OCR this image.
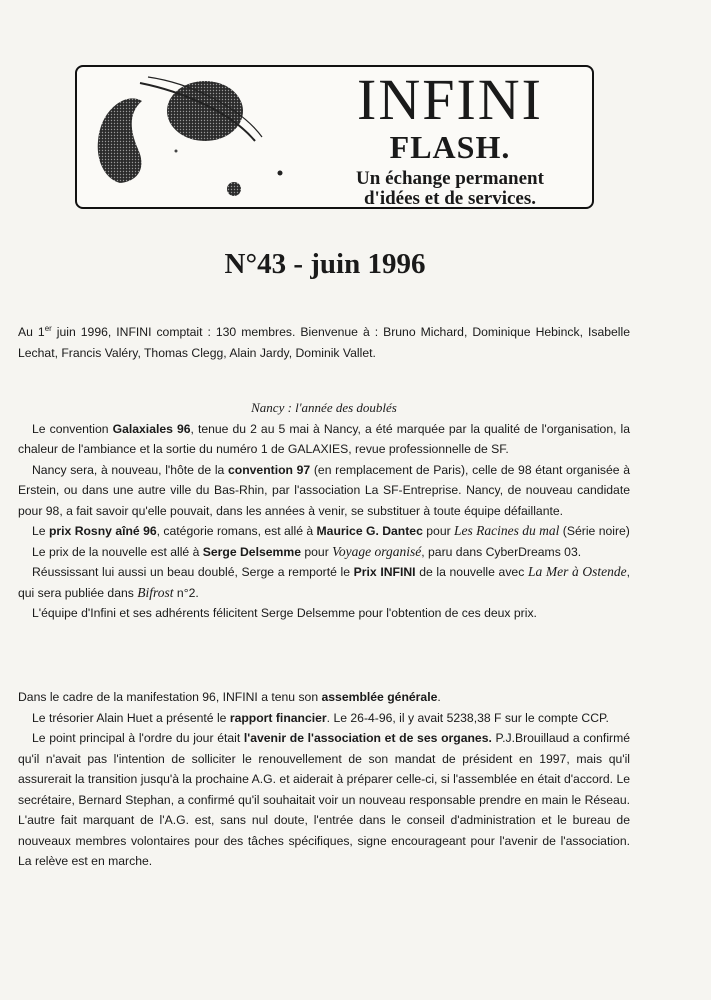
INFINI
FLASH.
Un échange permanent
d'idées et de services.
N°43 - juin 1996

Au 1er juin 1996, INFINI comptait : 130 membres. Bienvenue à : Bruno Michard, Dominique Hebinck, Isabelle Lechat, Francis Valéry, Thomas Clegg, Alain Jardy, Dominik Vallet.

Nancy : l'année des doublés

Le convention Galaxiales 96, tenue du 2 au 5 mai à Nancy, a été marquée par la qualité de l'organisation, la chaleur de l'ambiance et la sortie du numéro 1 de GALAXIES, revue professionnelle de SF.

Nancy sera, à nouveau, l'hôte de la convention 97 (en remplacement de Paris), celle de 98 étant organisée à Erstein, ou dans une autre ville du Bas-Rhin, par l'association La SF-Entreprise. Nancy, de nouveau candidate pour 98, a fait savoir qu'elle pouvait, dans les années à venir, se substituer à toute équipe défaillante.

Le prix Rosny aîné 96, catégorie romans, est allé à Maurice G. Dantec pour Les Racines du mal (Série noire)

Le prix de la nouvelle est allé à Serge Delsemme pour Voyage organisé, paru dans CyberDreams 03.

Réussissant lui aussi un beau doublé, Serge a remporté le Prix INFINI de la nouvelle avec La Mer à Ostende, qui sera publiée dans Bifrost n°2.

L'équipe d'Infini et ses adhérents félicitent Serge Delsemme pour l'obtention de ces deux prix.

Dans le cadre de la manifestation 96, INFINI a tenu son assemblée générale.

Le trésorier Alain Huet a présenté le rapport financier. Le 26-4-96, il y avait 5238,38 F sur le compte CCP.

Le point principal à l'ordre du jour était l'avenir de l'association et de ses organes. P.J.Brouillaud a confirmé qu'il n'avait pas l'intention de solliciter le renouvellement de son mandat de président en 1997, mais qu'il assurerait la transition jusqu'à la prochaine A.G. et aiderait à préparer celle-ci, si l'assemblée en était d'accord. Le secrétaire, Bernard Stephan, a confirmé qu'il souhaitait voir un nouveau responsable prendre en main le Réseau. L'autre fait marquant de l'A.G. est, sans nul doute, l'entrée dans le conseil d'administration et le bureau de nouveaux membres volontaires pour des tâches spécifiques, signe encourageant pour l'avenir de l'association. La relève est en marche.
